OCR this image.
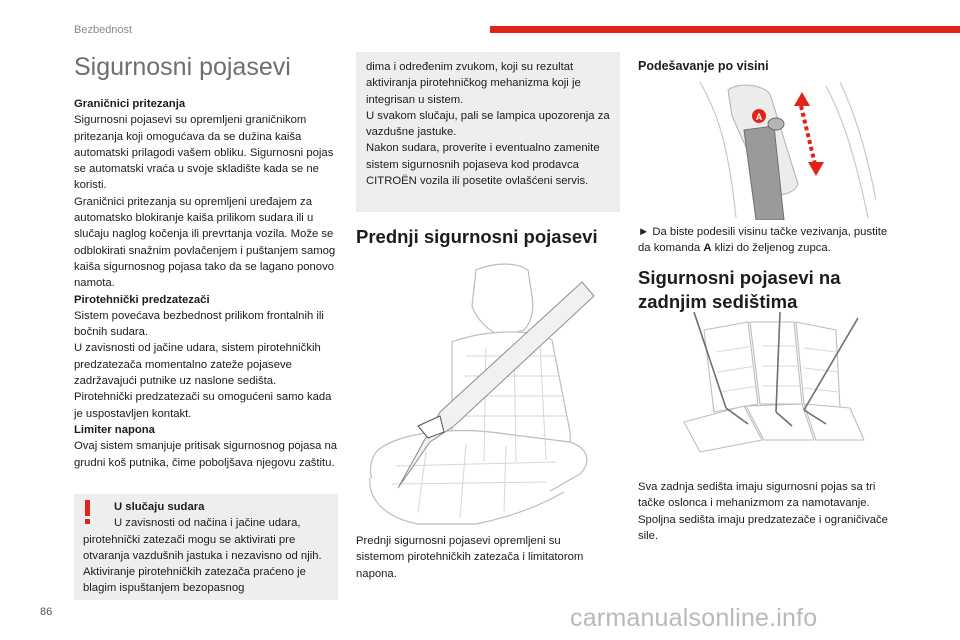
Bezbednost
Sigurnosni pojasevi
Graničnici pritezanja
Sigurnosni pojasevi su opremljeni graničnikom pritezanja koji omogućava da se dužina kaiša automatski prilagodi vašem obliku. Sigurnosni pojas se automatski vraća u svoje skladište kada se ne koristi.
Graničnici pritezanja su opremljeni uređajem za automatsko blokiranje kaiša prilikom sudara ili u slučaju naglog kočenja ili prevrtanja vozila. Može se odblokirati snažnim povlačenjem i puštanjem samog kaiša sigurnosnog pojasa tako da se lagano ponovo namota.
Pirotehnički predzatezači
Sistem povećava bezbednost prilikom frontalnih ili bočnih sudara.
U zavisnosti od jačine udara, sistem pirotehničkih predzatezača momentalno zateže pojaseve zadržavajući putnike uz naslone sedišta.
Pirotehnički predzatezači su omogućeni samo kada je uspostavljen kontakt.
Limiter napona
Ovaj sistem smanjuje pritisak sigurnosnog pojasa na grudni koš putnika, čime poboljšava njegovu zaštitu.
U slučaju sudara
U zavisnosti od načina i jačine udara,
pirotehnički zatezači mogu se aktivirati pre otvaranja vazdušnih jastuka i nezavisno od njih. Aktiviranje pirotehničkih zatezača praćeno je blagim ispuštanjem bezopasnog
dima i određenim zvukom, koji su rezultat aktiviranja pirotehničkog mehanizma koji je integrisan u sistem.
U svakom slučaju, pali se lampica upozorenja za vazdušne jastuke.
Nakon sudara, proverite i eventualno zamenite sistem sigurnosnih pojaseva kod prodavca CITROËN vozila ili posetite ovlašćeni servis.
Prednji sigurnosni pojasevi
Prednji sigurnosni pojasevi opremljeni su sistemom pirotehničkih zatezača i limitatorom napona.
Podešavanje po visini
A
► Da biste podesili visinu tačke vezivanja, pustite da komanda A klizi do željenog zupca.
Sigurnosni pojasevi na zadnjim sedištima
Sva zadnja sedišta imaju sigurnosni pojas sa tri tačke oslonca i mehanizmom za namotavanje. Spoljna sedišta imaju predzatezače i ograničivače sile.
86	carmanualsonline.info
